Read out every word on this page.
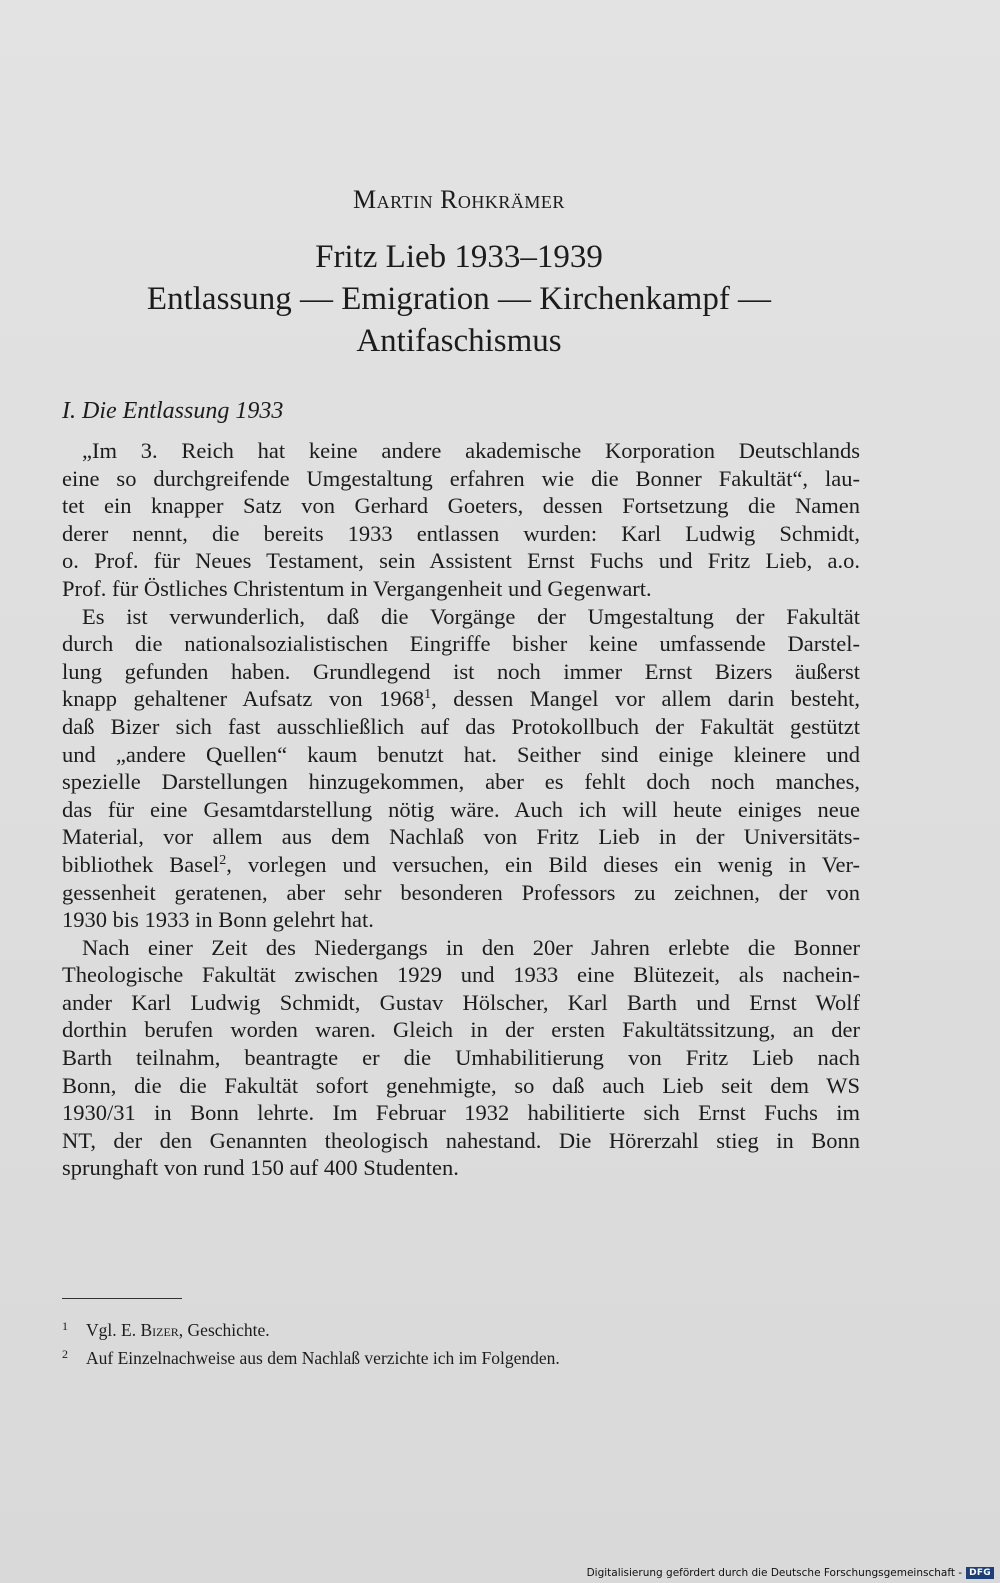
Martin Rohkrämer
Fritz Lieb 1933–1939
Entlassung — Emigration — Kirchenkampf —
Antifaschismus
I. Die Entlassung 1933

„Im 3. Reich hat keine andere akademische Korporation Deutschlands
eine so durchgreifende Umgestaltung erfahren wie die Bonner Fakultät“, lau-
tet ein knapper Satz von Gerhard Goeters, dessen Fortsetzung die Namen
derer nennt, die bereits 1933 entlassen wurden: Karl Ludwig Schmidt,
o. Prof. für Neues Testament, sein Assistent Ernst Fuchs und Fritz Lieb, a.o.
Prof. für Östliches Christentum in Vergangenheit und Gegenwart.

Es ist verwunderlich, daß die Vorgänge der Umgestaltung der Fakultät
durch die nationalsozialistischen Eingriffe bisher keine umfassende Darstel-
lung gefunden haben. Grundlegend ist noch immer Ernst Bizers äußerst
knapp gehaltener Aufsatz von 1968$^1$, dessen Mangel vor allem darin besteht,
daß Bizer sich fast ausschließlich auf das Protokollbuch der Fakultät gestützt
und „andere Quellen“ kaum benutzt hat. Seither sind einige kleinere und
spezielle Darstellungen hinzugekommen, aber es fehlt doch noch manches,
das für eine Gesamtdarstellung nötig wäre. Auch ich will heute einiges neue
Material, vor allem aus dem Nachlaß von Fritz Lieb in der Universitäts-
bibliothek Basel$^2$, vorlegen und versuchen, ein Bild dieses ein wenig in Ver-
gessenheit geratenen, aber sehr besonderen Professors zu zeichnen, der von
1930 bis 1933 in Bonn gelehrt hat.

Nach einer Zeit des Niedergangs in den 20er Jahren erlebte die Bonner
Theologische Fakultät zwischen 1929 und 1933 eine Blütezeit, als nachein-
ander Karl Ludwig Schmidt, Gustav Hölscher, Karl Barth und Ernst Wolf
dorthin berufen worden waren. Gleich in der ersten Fakultätssitzung, an der
Barth teilnahm, beantragte er die Umhabilitierung von Fritz Lieb nach
Bonn, die die Fakultät sofort genehmigte, so daß auch Lieb seit dem WS
1930/31 in Bonn lehrte. Im Februar 1932 habilitierte sich Ernst Fuchs im
NT, der den Genannten theologisch nahestand. Die Hörerzahl stieg in Bonn
sprunghaft von rund 150 auf 400 Studenten.

1 Vgl. E. Bizer, Geschichte.
2 Auf Einzelnachweise aus dem Nachlaß verzichte ich im Folgenden.
Digitalisierung gefördert durch die Deutsche Forschungsgemeinschaft - DFG
